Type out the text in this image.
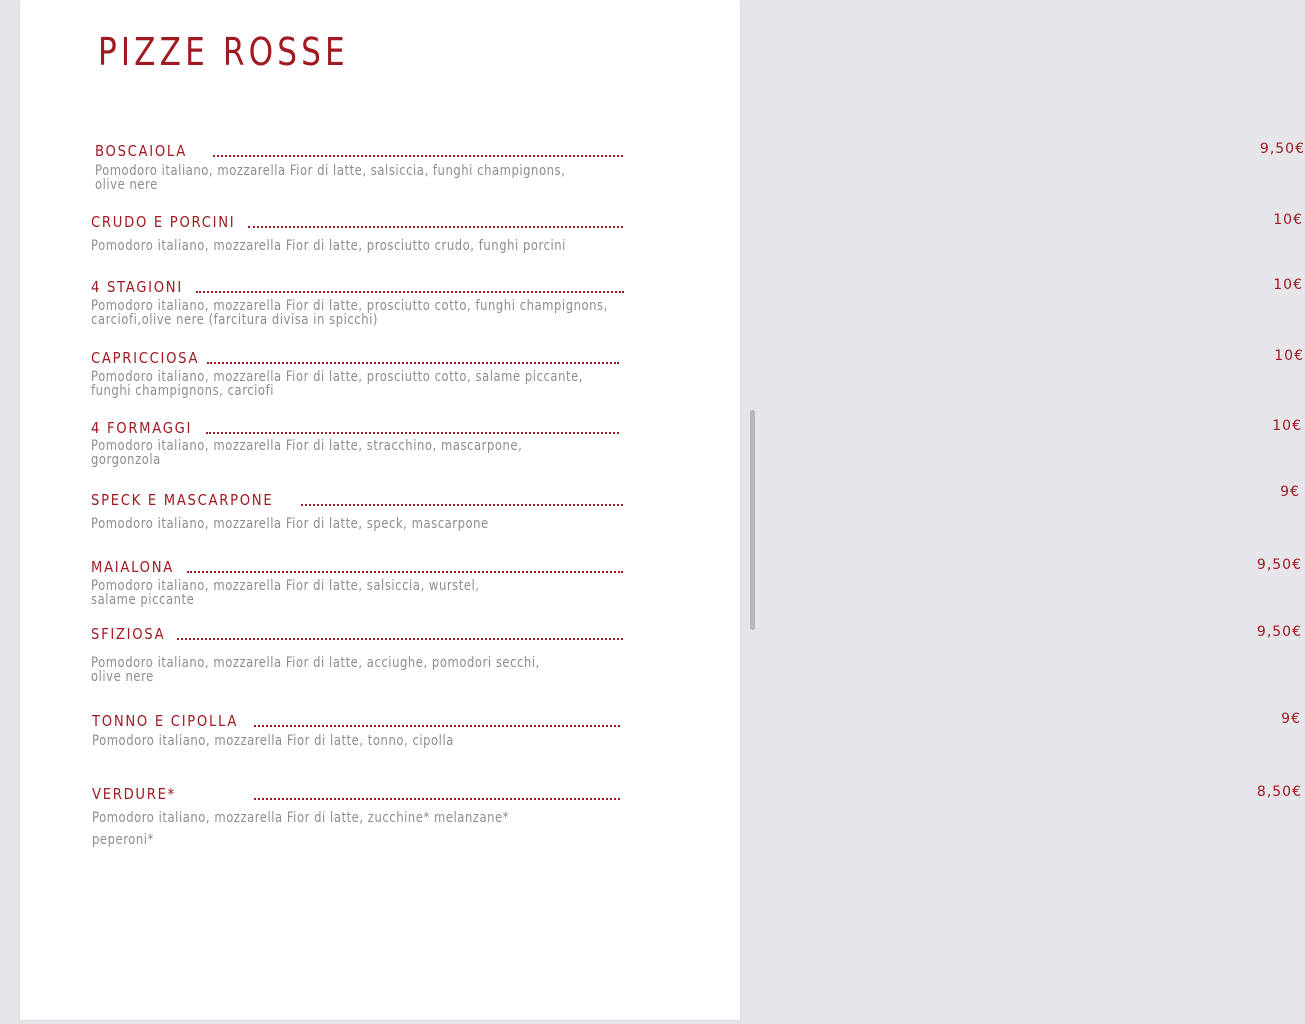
PIZZE ROSSE
BOSCAIOLA	9,50€

Pomodoro italiano, mozzarella Fior di latte, salsiccia, funghi champignons,
olive nere

CRUDO E PORCINI	10€

Pomodoro italiano, mozzarella Fior di latte, prosciutto crudo, funghi porcini

4 STAGIONI	10€

Pomodoro italiano, mozzarella Fior di latte, prosciutto cotto, funghi champignons,
carciofi,olive nere (farcitura divisa in spicchi)

CAPRICCIOSA	10€

Pomodoro italiano, mozzarella Fior di latte, prosciutto cotto, salame piccante,
funghi champignons, carciofi

4 FORMAGGI	10€

Pomodoro italiano, mozzarella Fior di latte, stracchino, mascarpone,
gorgonzola

SPECK E MASCARPONE	9€

Pomodoro italiano, mozzarella Fior di latte, speck, mascarpone

MAIALONA	9,50€

Pomodoro italiano, mozzarella Fior di latte, salsiccia, wurstel,
salame piccante

SFIZIOSA	9,50€

Pomodoro italiano, mozzarella Fior di latte, acciughe, pomodori secchi,
olive nere

TONNO E CIPOLLA	9€

Pomodoro italiano, mozzarella Fior di latte, tonno, cipolla

VERDURE*	8,50€

Pomodoro italiano, mozzarella Fior di latte, zucchine* melanzane*
peperoni*
